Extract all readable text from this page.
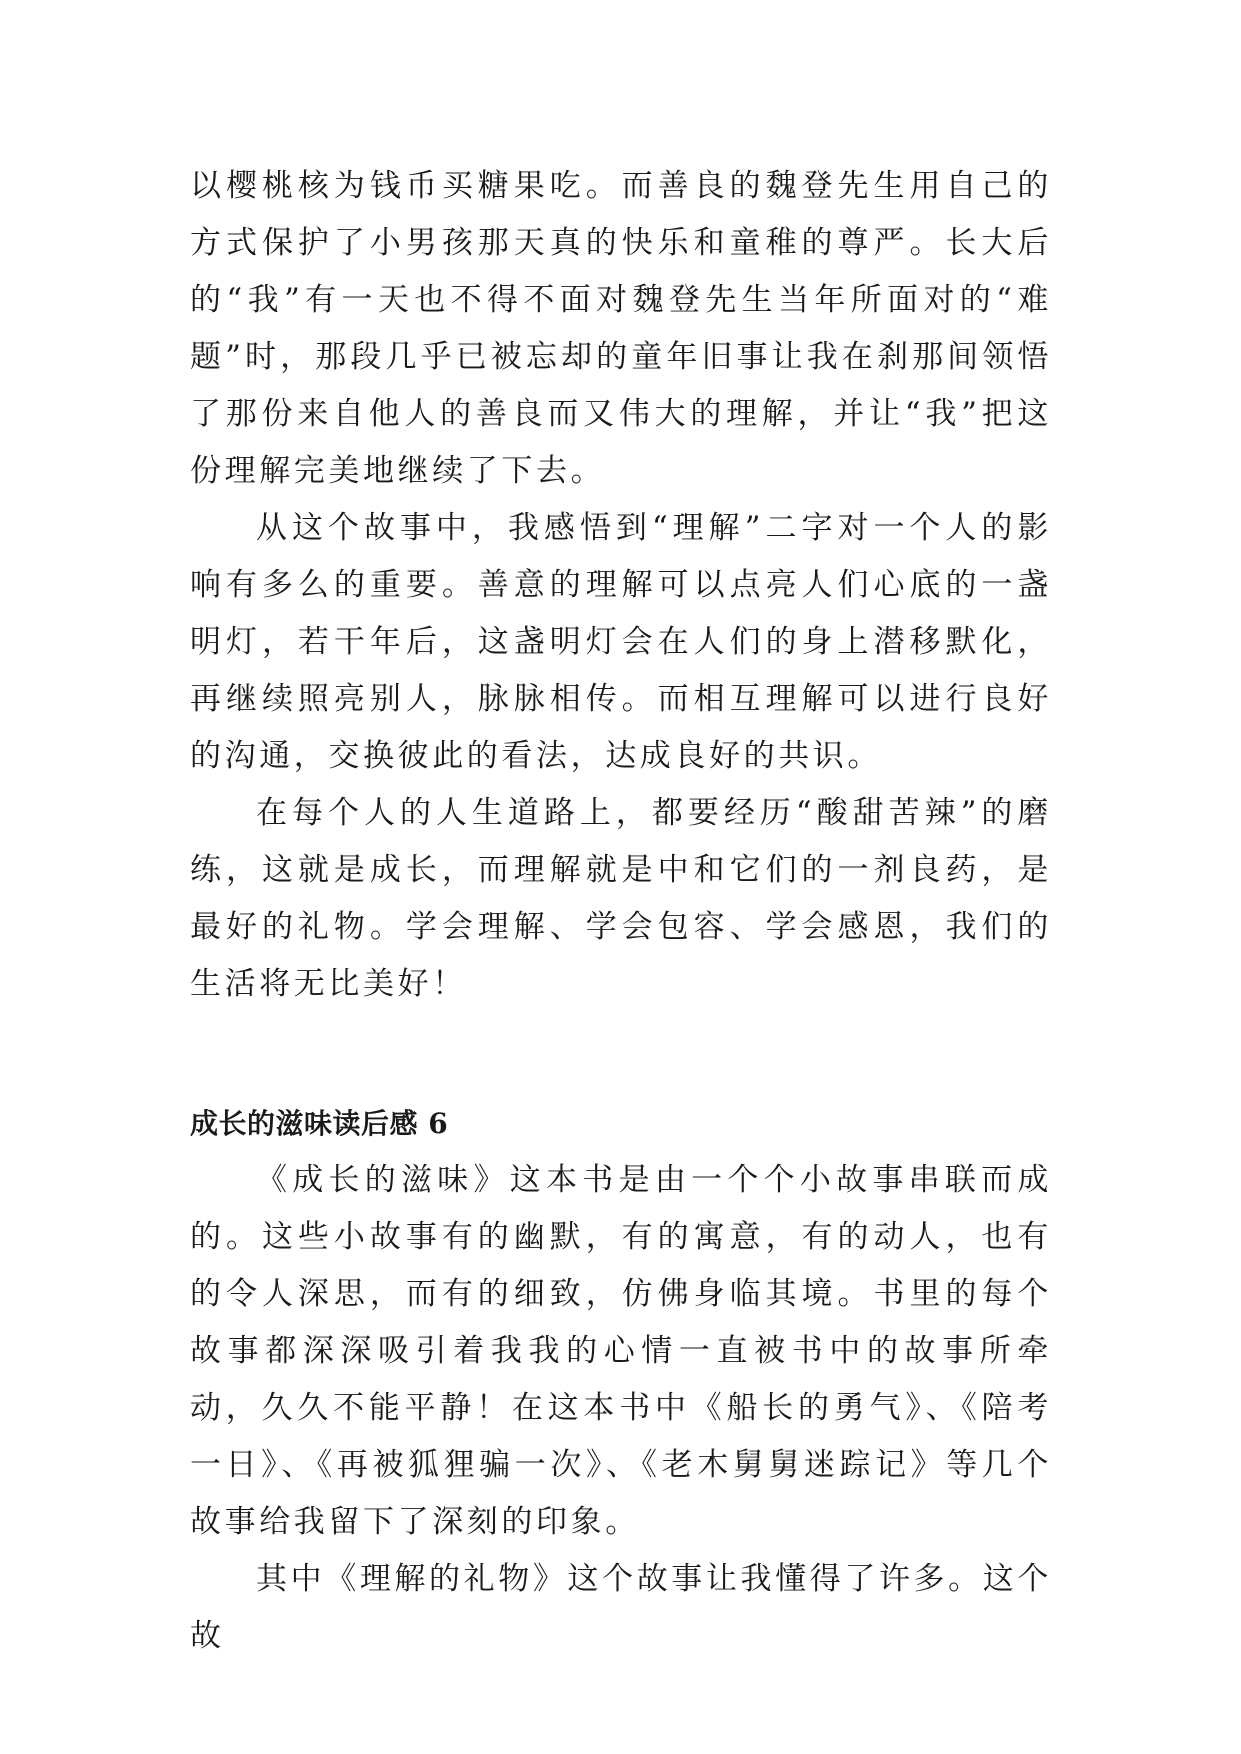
以樱桃核为钱币买糖果吃。而善良的魏登先生用自己的方式保护了小男孩那天真的快乐和童稚的尊严。长大后的“我”有一天也不得不面对魏登先生当年所面对的“难题”时，那段几乎已被忘却的童年旧事让我在刹那间领悟了那份来自他人的善良而又伟大的理解，并让“我”把这份理解完美地继续了下去。

从这个故事中，我感悟到“理解”二字对一个人的影响有多么的重要。善意的理解可以点亮人们心底的一盏明灯，若干年后，这盏明灯会在人们的身上潜移默化，再继续照亮别人，脉脉相传。而相互理解可以进行良好的沟通，交换彼此的看法，达成良好的共识。

在每个人的人生道路上，都要经历“酸甜苦辣”的磨练，这就是成长，而理解就是中和它们的一剂良药，是最好的礼物。学会理解、学会包容、学会感恩，我们的生活将无比美好！

成长的滋味读后感 6

《成长的滋味》这本书是由一个个小故事串联而成的。这些小故事有的幽默，有的寓意，有的动人，也有的令人深思，而有的细致，仿佛身临其境。书里的每个故事都深深吸引着我我的心情一直被书中的故事所牵动，久久不能平静！在这本书中《船长的勇气》、《陪考一日》、《再被狐狸骗一次》、《老木舅舅迷踪记》等几个故事给我留下了深刻的印象。

其中《理解的礼物》这个故事让我懂得了许多。这个故
